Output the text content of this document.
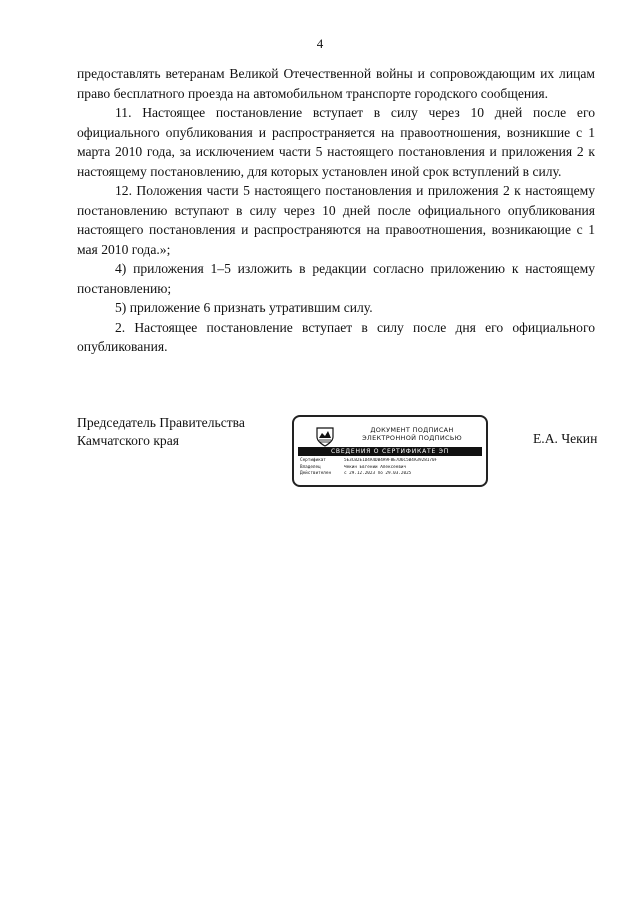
4

предоставлять ветеранам Великой Отечественной войны и сопровождающим их лицам право бесплатного проезда на автомобильном транспорте городского сообщения.

11. Настоящее постановление вступает в силу через 10 дней после его официального опубликования и распространяется на правоотношения, возникшие с 1 марта 2010 года, за исключением части 5 настоящего постановления и приложения 2 к настоящему постановлению, для которых установлен иной срок вступлений в силу.

12. Положения части 5 настоящего постановления и приложения 2 к настоящему постановлению вступают в силу через 10 дней после официального опубликования настоящего постановления и распространяются на правоотношения, возникающие с 1 мая 2010 года.»;

4) приложения 1–5 изложить в редакции согласно приложению к настоящему постановлению;

5) приложение 6 признать утратившим силу.

2. Настоящее постановление вступает в силу после дня его официального опубликования.

Председатель Правительства
Камчатского края
ДОКУМЕНТ ПОДПИСАН
ЭЛЕКТРОННОЙ ПОДПИСЬЮ
СВЕДЕНИЯ О СЕРТИФИКАТЕ ЭП
Сертификат	5E3CB2E1D4A4DB4A9F8E7D6C5B4A3928170F
Владелец	Чекин Евгений Алексеевич
Действителен	с 29.12.2023 по 29.03.2025
Е.А. Чекин
